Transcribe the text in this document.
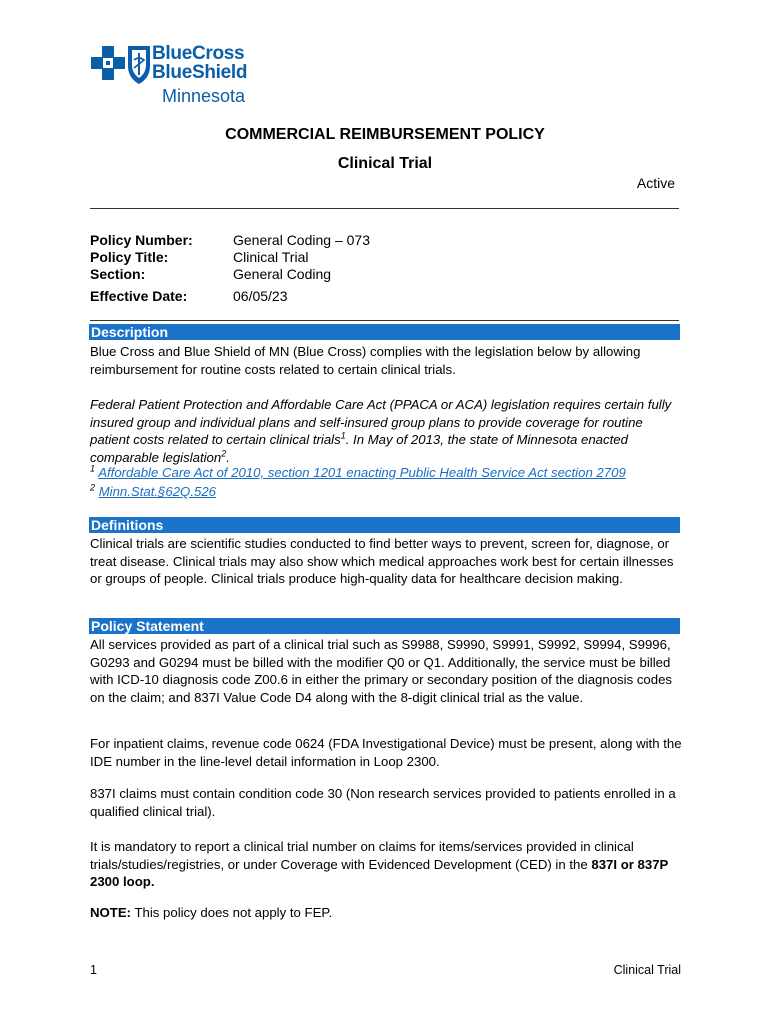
BlueCross
BlueShield
Minnesota
COMMERCIAL REIMBURSEMENT POLICY
Clinical Trial
Active
Policy Number:	General Coding – 073
Policy Title:	Clinical Trial
Section:	General Coding
Effective Date:	06/05/23
Description
Blue Cross and Blue Shield of MN (Blue Cross) complies with the legislation below by allowing reimbursement for routine costs related to certain clinical trials.
Federal Patient Protection and Affordable Care Act (PPACA or ACA) legislation requires certain fully insured group and individual plans and self-insured group plans to provide coverage for routine patient costs related to certain clinical trials$^1$. In May of 2013, the state of Minnesota enacted comparable legislation$^2$.
$^1$ Affordable Care Act of 2010, section 1201 enacting Public Health Service Act section 2709
$^2$ Minn.Stat.§62Q.526
Definitions
Clinical trials are scientific studies conducted to find better ways to prevent, screen for, diagnose, or treat disease. Clinical trials may also show which medical approaches work best for certain illnesses or groups of people. Clinical trials produce high-quality data for healthcare decision making.
Policy Statement
All services provided as part of a clinical trial such as S9988, S9990, S9991, S9992, S9994, S9996, G0293 and G0294 must be billed with the modifier Q0 or Q1. Additionally, the service must be billed with ICD-10 diagnosis code Z00.6 in either the primary or secondary position of the diagnosis codes on the claim; and 837I Value Code D4 along with the 8-digit clinical trial as the value.
For inpatient claims, revenue code 0624 (FDA Investigational Device) must be present, along with the IDE number in the line-level detail information in Loop 2300.
837I claims must contain condition code 30 (Non research services provided to patients enrolled in a qualified clinical trial).
It is mandatory to report a clinical trial number on claims for items/services provided in clinical trials/studies/registries, or under Coverage with Evidenced Development (CED) in the 837I or 837P 2300 loop.
NOTE: This policy does not apply to FEP.
1	Clinical Trial
